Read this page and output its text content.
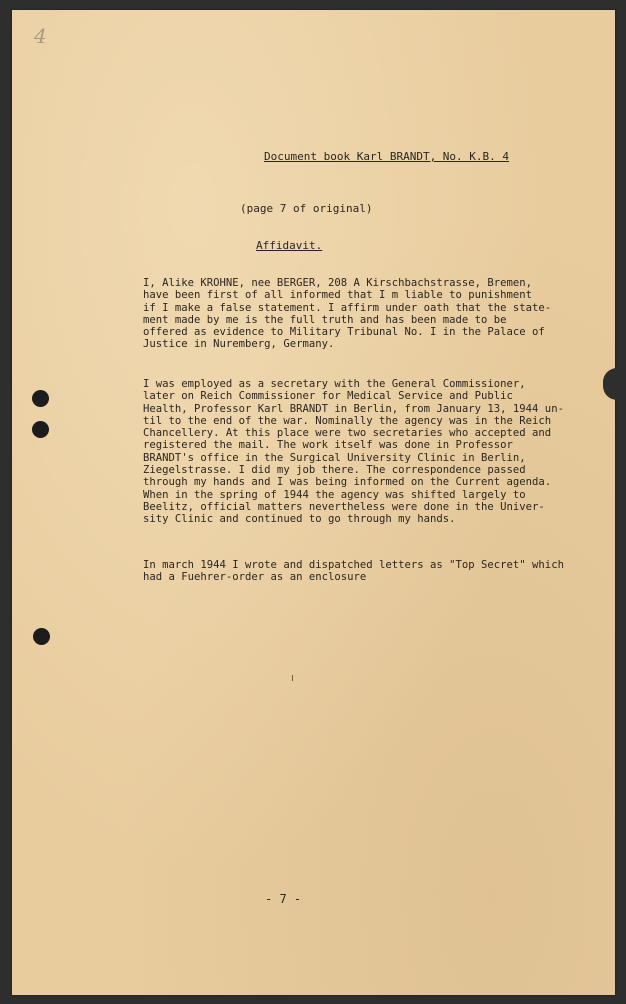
4
Document book Karl BRANDT, No. K.B. 4
(page 7 of original)
Affidavit.

I, Alike KROHNE, nee BERGER, 208 A Kirschbachstrasse, Bremen,
have been first of all informed that I m liable to punishment
if I make a false statement. I affirm under oath that the state-
ment made by me is the full truth and has been made to be
offered as evidence to Military Tribunal No. I in the Palace of
Justice in Nuremberg, Germany.

I was employed as a secretary with the General Commissioner,
later on Reich Commissioner for Medical Service and Public
Health, Professor Karl BRANDT in Berlin, from January 13, 1944 un-
til to the end of the war. Nominally the agency was in the Reich
Chancellery. At this place were two secretaries who accepted and
registered the mail. The work itself was done in Professor
BRANDT's office in the Surgical University Clinic in Berlin,
Ziegelstrasse. I did my job there. The correspondence passed
through my hands and I was being informed on the Current agenda.
When in the spring of 1944 the agency was shifted largely to
Beelitz, official matters nevertheless were done in the Univer-
sity Clinic and continued to go through my hands.

In march 1944 I wrote and dispatched letters as "Top Secret" which
had a Fuehrer-order as an enclosure

- 7 -
